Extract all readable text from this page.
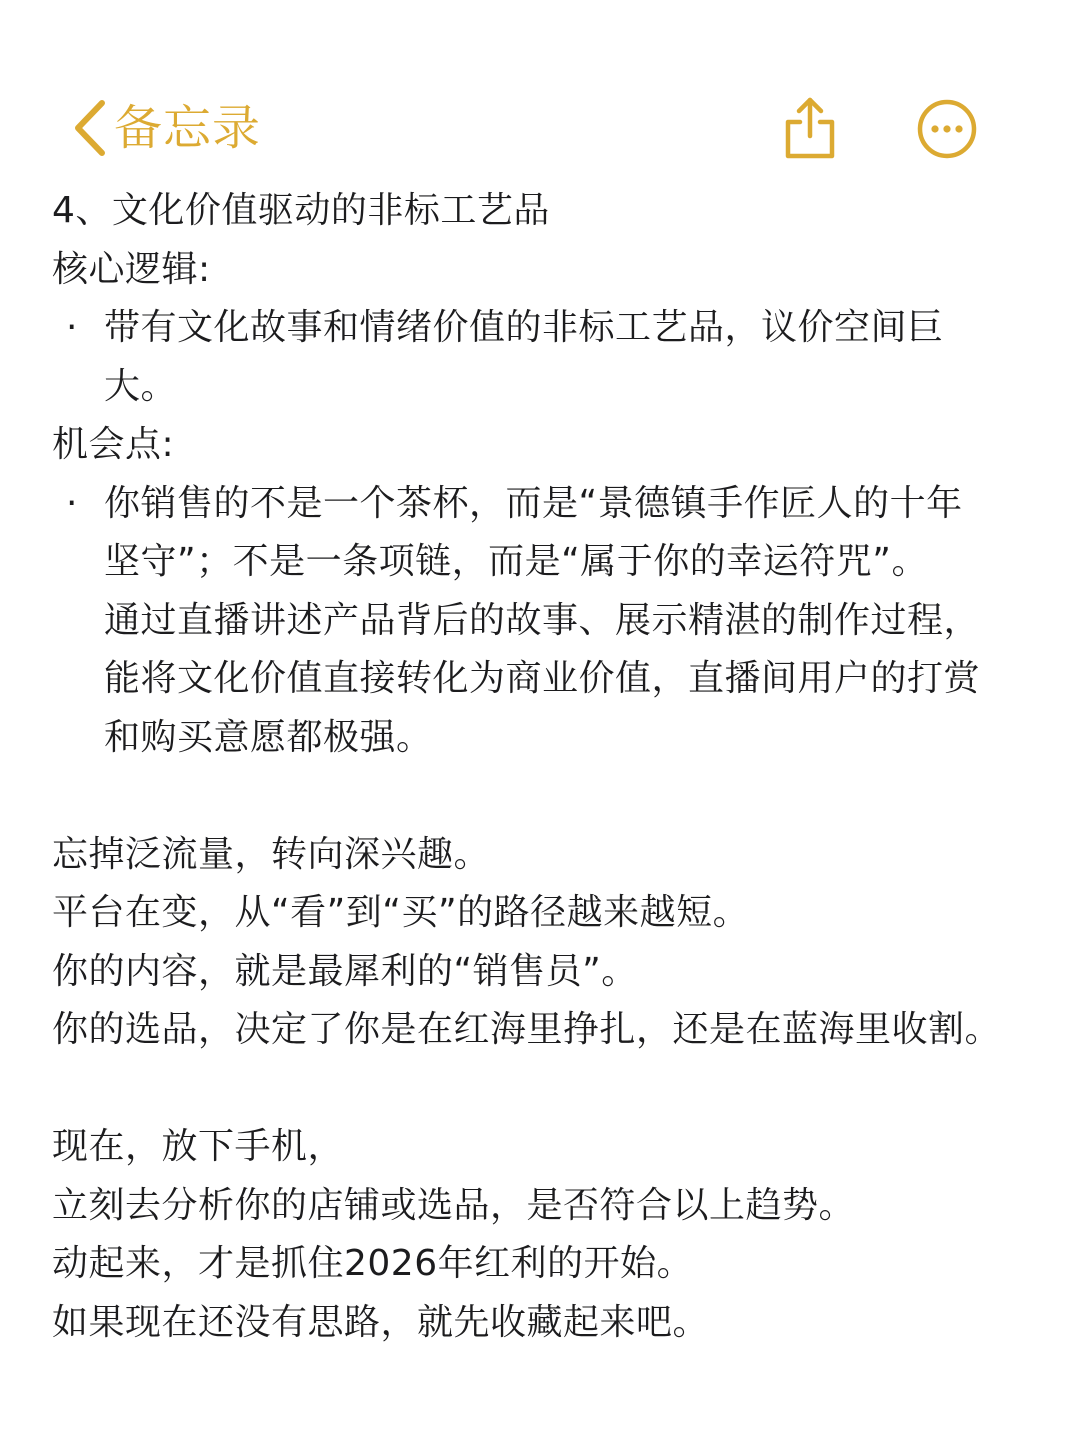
备忘录
4、文化价值驱动的非标工艺品
核心逻辑:
· 带有文化故事和情绪价值的非标工艺品，议价空间巨
大。
机会点:
· 你销售的不是一个茶杯，而是“景德镇手作匠人的十年
坚守”；不是一条项链，而是“属于你的幸运符咒”。
通过直播讲述产品背后的故事、展示精湛的制作过程，
能将文化价值直接转化为商业价值，直播间用户的打赏
和购买意愿都极强。
忘掉泛流量，转向深兴趣。
平台在变，从“看”到“买”的路径越来越短。
你的内容，就是最犀利的“销售员”。
你的选品，决定了你是在红海里挣扎，还是在蓝海里收割。
现在，放下手机，
立刻去分析你的店铺或选品，是否符合以上趋势。
动起来，才是抓住2026年红利的开始。
如果现在还没有思路，就先收藏起来吧。
